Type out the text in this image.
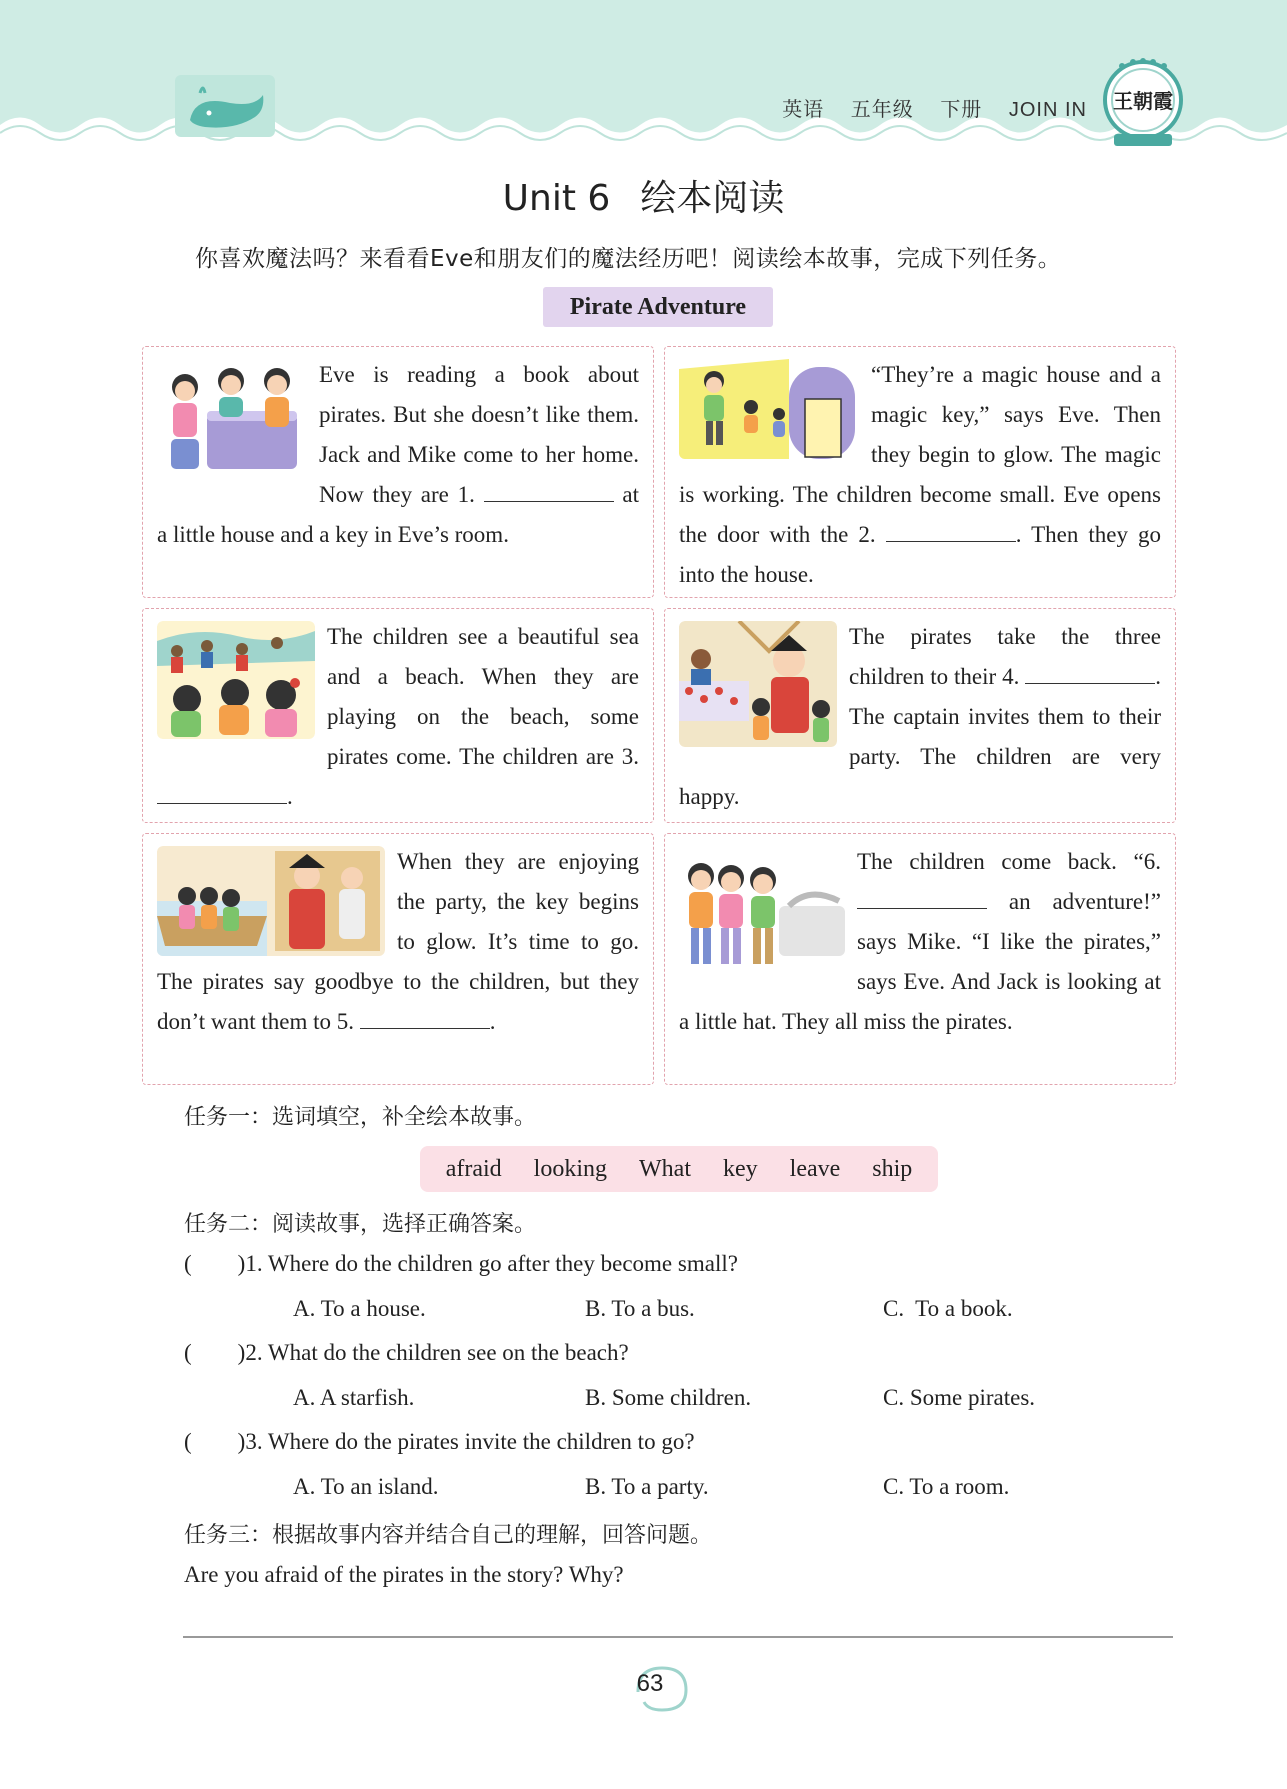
英语 五年级 下册 JOIN IN 王朝霞
Unit 6 绘本阅读
你喜欢魔法吗？来看看Eve和朋友们的魔法经历吧！阅读绘本故事，完成下列任务。
Pirate Adventure
Eve is reading a book about pirates. But she doesn’t like them. Jack and Mike come to her home. Now they are 1.	at a little house and a key in Eve’s room.
“They’re a magic house and a magic key,” says Eve. Then they begin to glow. The magic is working. The children become small. Eve opens the door with the 2.	. Then they go into the house.
The children see a beautiful sea and a beach. When they are playing on the beach, some pirates come. The children are 3. .
The pirates take the three children to their 4.	. The captain invites them to their party. The children are very happy.
When they are enjoying the party, the key begins to glow. It’s time to go. The pirates say goodbye to the children, but they don’t want them to 5.	.
The children come back. “6.  an adventure!” says Mike. “I like the pirates,” says Eve. And Jack is looking at a little hat. They all miss the pirates.
任务一：选词填空，补全绘本故事。
afraid looking What key leave ship
任务二：阅读故事，选择正确答案。
(        )1. Where do the children go after they become small?
A. To a house.	B. To a bus.	C.  To a book.
(        )2. What do the children see on the beach?
A. A starfish.	B. Some children.	C. Some pirates.
(        )3. Where do the pirates invite the children to go?
A. To an island.	B. To a party.	C. To a room.
任务三：根据故事内容并结合自己的理解，回答问题。
Are you afraid of the pirates in the story? Why?
63
